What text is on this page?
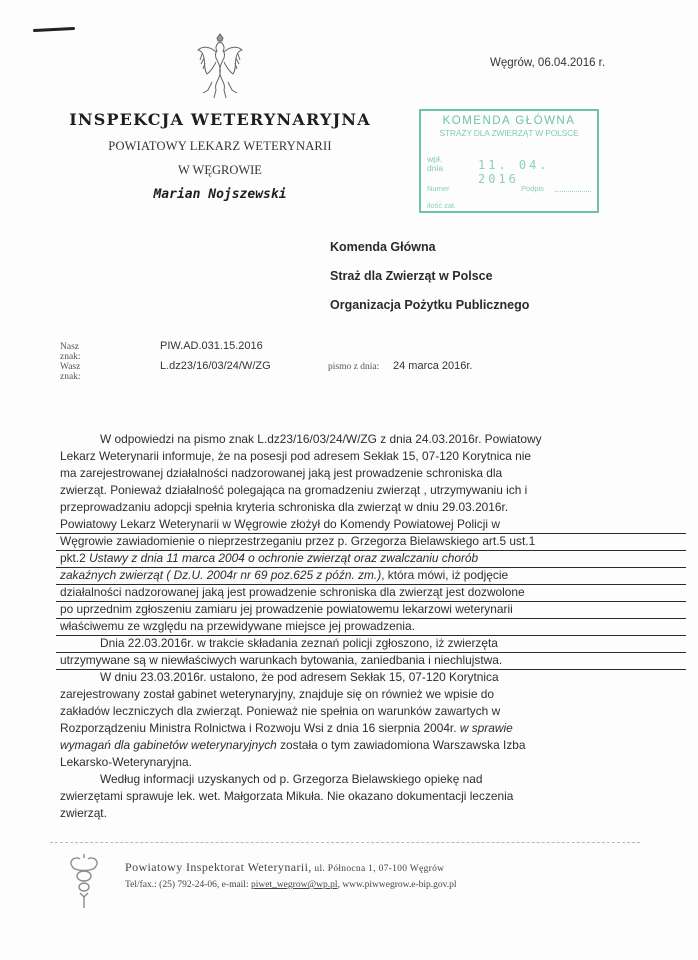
INSPEKCJA WETERYNARYJNA
POWIATOWY LEKARZ WETERYNARII
W WĘGROWIE
Marian Nojszewski
Węgrów, 06.04.2016 r.
KOMENDA GŁÓWNA
STRAŻY DLA ZWIERZĄT W POLSCE
wpł.
dnia	11. 04. 2016
Numer	Podpis
ilość zał.
Komenda Główna
Straż dla Zwierząt w Polsce
Organizacja Pożytku Publicznego
Nasz znak:
PIW.AD.031.15.2016
Wasz znak:
L.dz23/16/03/24/W/ZG	pismo z dnia: 24 marca 2016r.
W odpowiedzi na pismo znak L.dz23/16/03/24/W/ZG z dnia 24.03.2016r. Powiatowy
Lekarz Weterynarii informuje, że na posesji pod adresem Sekłak 15, 07-120 Korytnica nie
ma zarejestrowanej działalności nadzorowanej jaką jest prowadzenie schroniska dla
zwierząt. Ponieważ działalność polegająca na gromadzeniu zwierząt , utrzymywaniu ich i
przeprowadzaniu adopcji spełnia kryteria schroniska dla zwierząt w dniu 29.03.2016r.
Powiatowy Lekarz Weterynarii w Węgrowie złożył do Komendy Powiatowej Policji w
Węgrowie zawiadomienie o nieprzestrzeganiu przez p. Grzegorza Bielawskiego art.5 ust.1
pkt.2 Ustawy z dnia 11 marca 2004 o ochronie zwierząt oraz zwalczaniu chorób
zakaźnych zwierząt ( Dz.U. 2004r nr 69 poz.625 z późn. zm.), która mówi, iż podjęcie
działalności nadzorowanej jaką jest prowadzenie schroniska dla zwierząt jest dozwolone
po uprzednim zgłoszeniu zamiaru jej prowadzenie powiatowemu lekarzowi weterynarii
właściwemu ze względu na przewidywane miejsce jej prowadzenia.
Dnia 22.03.2016r. w trakcie składania zeznań policji zgłoszono, iż zwierzęta
utrzymywane są w niewłaściwych warunkach bytowania, zaniedbania i niechlujstwa.
W dniu 23.03.2016r. ustalono, że pod adresem Sekłak 15, 07-120 Korytnica
zarejestrowany został gabinet weterynaryjny, znajduje się on również we wpisie do
zakładów leczniczych dla zwierząt. Ponieważ nie spełnia on warunków zawartych w
Rozporządzeniu Ministra Rolnictwa i Rozwoju Wsi z dnia 16 sierpnia 2004r. w sprawie
wymagań dla gabinetów weterynaryjnych została o tym zawiadomiona Warszawska Izba
Lekarsko-Weterynaryjna.
Według informacji uzyskanych od p. Grzegorza Bielawskiego opiekę nad
zwierzętami sprawuje lek. wet. Małgorzata Mikuła. Nie okazano dokumentacji leczenia
zwierząt.
Powiatowy Inspektorat Weterynarii, ul. Północna 1, 07-100 Węgrów
Tel/fax.: (25) 792-24-06, e-mail: piwet_wegrow@wp.pl, www.piwwegrow.e-bip.gov.pl
